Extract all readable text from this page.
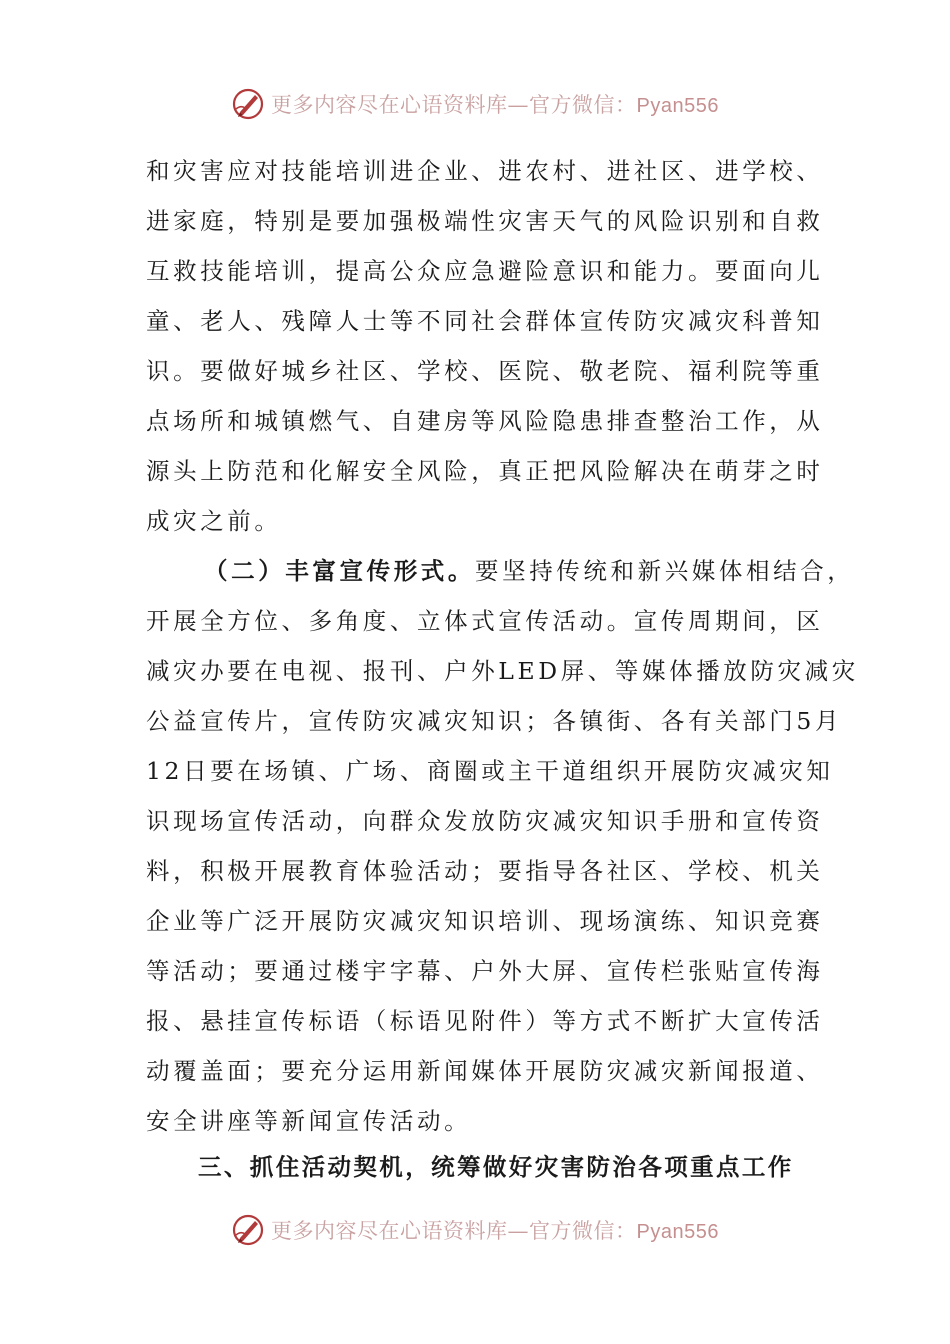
更多内容尽在心语资料库—官方微信：Pyan556
和灾害应对技能培训进企业、进农村、进社区、进学校、
进家庭，特别是要加强极端性灾害天气的风险识别和自救
互救技能培训，提高公众应急避险意识和能力。要面向儿
童、老人、残障人士等不同社会群体宣传防灾减灾科普知
识。要做好城乡社区、学校、医院、敬老院、福利院等重
点场所和城镇燃气、自建房等风险隐患排查整治工作，从
源头上防范和化解安全风险，真正把风险解决在萌芽之时
成灾之前。
（二）丰富宣传形式。要坚持传统和新兴媒体相结合，
开展全方位、多角度、立体式宣传活动。宣传周期间，区
减灾办要在电视、报刊、户外LED屏、等媒体播放防灾减灾
公益宣传片，宣传防灾减灾知识；各镇街、各有关部门5月
12日要在场镇、广场、商圈或主干道组织开展防灾减灾知
识现场宣传活动，向群众发放防灾减灾知识手册和宣传资
料，积极开展教育体验活动；要指导各社区、学校、机关
企业等广泛开展防灾减灾知识培训、现场演练、知识竞赛
等活动；要通过楼宇字幕、户外大屏、宣传栏张贴宣传海
报、悬挂宣传标语（标语见附件）等方式不断扩大宣传活
动覆盖面；要充分运用新闻媒体开展防灾减灾新闻报道、
安全讲座等新闻宣传活动。
三、抓住活动契机，统筹做好灾害防治各项重点工作
更多内容尽在心语资料库—官方微信：Pyan556
